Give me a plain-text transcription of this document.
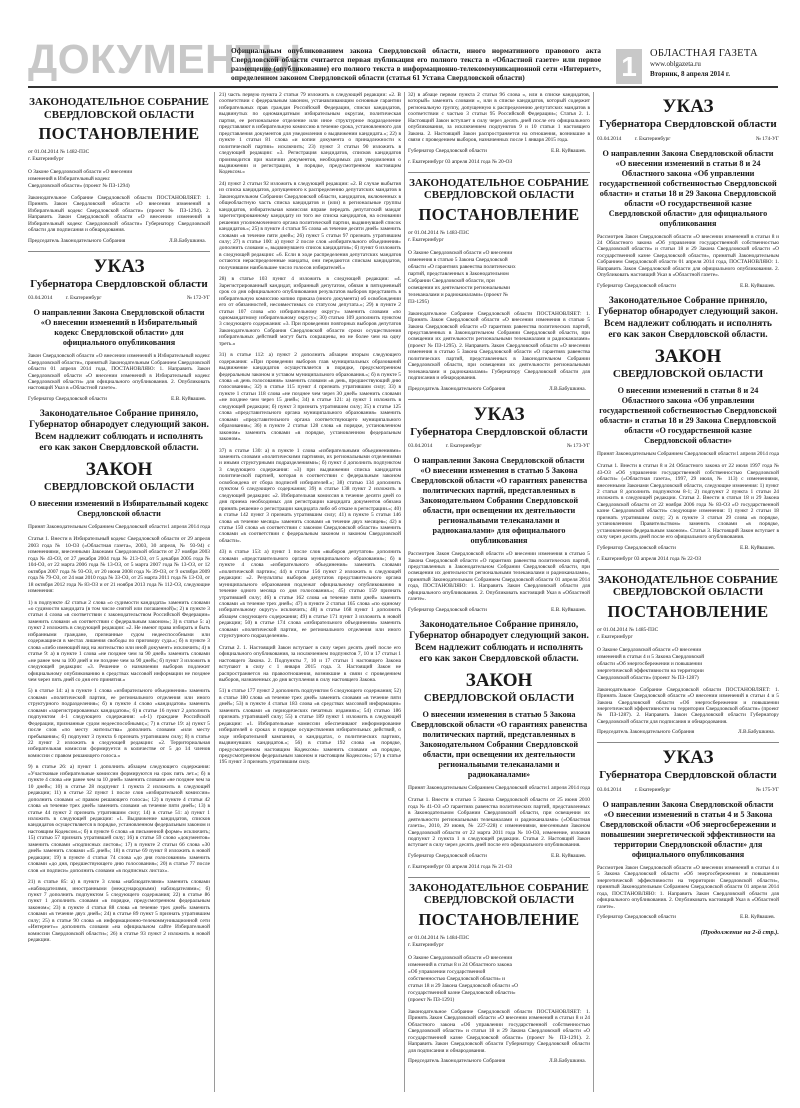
ДОКУМЕНТЫ
Официальным опубликованием закона Свердловской области, иного нормативного правового акта Свердловской области считается первая публикация его полного текста в «Областной газете» или первое размещение (опубликование) его полного текста в информационно-телекоммуникационной сети «Интернет», определенном законом Свердловской области (статья 61 Устава Свердловской области)	1	ОБЛАСТНАЯ ГАЗЕТА
www.oblgazeta.ru
Вторник, 8 апреля 2014 г.
ЗАКОНОДАТЕЛЬНОЕ СОБРАНИЕ СВЕРДЛОВСКОЙ ОБЛАСТИ
ПОСТАНОВЛЕНИЕ
от 01.04.2014 № 1482-ПЗС
г. Екатеринбург
О Законе Свердловской области «О внесении изменений в Избирательный кодекс Свердловской области» (проект № ПЗ-1294)
Законодательное Собрание Свердловской области ПОСТАНОВЛЯЕТ: 1. Принять Закон Свердловской области «О внесении изменений в Избирательный кодекс Свердловской области» (проект № ПЗ-1294). 2. Направить Закон Свердловской области «О внесении изменений в Избирательный кодекс Свердловской области» Губернатору Свердловской области для подписания и обнародования.
Председатель Законодательного Собрания	Л.В.Бабушкина.
УКАЗ
Губернатора Свердловской области
03.04.2014 г. Екатеринбург	№ 172-УГ
О направлении Закона Свердловской области «О внесении изменений в Избирательный кодекс Свердловской области» для официального опубликования
Закон Свердловской области «О внесении изменений в Избирательный кодекс Свердловской области», принятый Законодательным Собранием Свердловской области 01 апреля 2014 года, ПОСТАНОВЛЯЮ: 1. Направить Закон Свердловской области «О внесении изменений в Избирательный кодекс Свердловской области» для официального опубликования. 2. Опубликовать настоящий Указ в «Областной газете».
Губернатор Свердловской области	Е.В. Куйвашев.
Законодательное Собрание приняло, Губернатор обнародует следующий закон. Всем надлежит соблюдать и исполнять его как закон Свердловской области.
ЗАКОН
СВЕРДЛОВСКОЙ ОБЛАСТИ
О внесении изменений в Избирательный кодекс Свердловской области
Принят Законодательным Собранием Свердловской области 1 апреля 2014 года
Статья 1. Внести в Избирательный кодекс Свердловской области от 29 апреля 2003 года № 10-ОЗ («Областная газета», 2003, 30 апреля, № 93-94) с изменениями, внесенными Законами Свердловской области от 27 ноября 2003 года № 43-ОЗ, от 27 декабря 2004 года № 213-ОЗ, от 5 декабря 2005 года № 104-ОЗ, от 22 марта 2006 года № 13-ОЗ, от 5 марта 2007 года № 13-ОЗ, от 12 октября 2007 года № 93-ОЗ, от 20 июня 2008 года № 39-ОЗ, от 9 октября 2009 года № 79-ОЗ, от 24 мая 2010 года № 33-ОЗ, от 25 марта 2011 года № 13-ОЗ, от 18 октября 2012 года № 83-ОЗ и от 21 ноября 2013 года № 112-ОЗ, следующие изменения:
1) в подпункте 42 статьи 2 слова «о судимости кандидата» заменить словами «о судимости кандидата (в том числе снятой или погашенной)»; 2) в пункте 3 статьи 4 слова «в соответствии с законодательством Российской Федерации» заменить словами «в соответствии с федеральным законом»; 3) в статье 5: а) пункт 2 изложить в следующей редакции: «2. Не имеют права избирать и быть избранными граждане, признанные судом недееспособными или содержащиеся в местах лишения свободы по приговору суда.»; б) в пункте 3 слова «либо имеющий вид на жительство или иной документ» исключить; 4) в статье 9: а) в пункте 1 слова «не позднее чем за 90 дней» заменить словами «не ранее чем за 100 дней и не позднее чем за 90 дней»; б) пункт 3 изложить в следующей редакции: «3. Решение о назначении выборов подлежит официальному опубликованию в средствах массовой информации не позднее чем через пять дней со дня его принятия.»
5) в статье 14: а) в пункте 1 слова «избирательного объединения» заменить словами «политической партии, ее регионального отделения или иного структурного подразделения»; б) в пункте 4 слово «кандидатов» заменить словами «зарегистрированных кандидатов»; 6) в статье 16 пункт 2 дополнить подпунктом 4-1 следующего содержания: «4-1) граждане Российской Федерации, признанные судом недееспособными;»; 7) в статье 19: а) пункт 5 после слов «по месту жительства» дополнить словами «или месту пребывания»; б) подпункт 3 пункта 6 признать утратившим силу; 8) в статье 22 пункт 2 изложить в следующей редакции: «2. Территориальная избирательная комиссия формируется в количестве от 5 до 14 членов комиссии с правом решающего голоса.»
9) в статье 26: а) пункт 1 дополнить абзацем следующего содержания: «Участковые избирательные комиссии формируются на срок пять лет.»; б) в пункте 4 слова «не ранее чем за 10 дней» заменить словами «не позднее чем за 10 дней»; 10) в статье 28 подпункт 1 пункта 2 изложить в следующей редакции; 11) в статье 32 пункт 1 после слов «избирательной комиссии» дополнить словами «с правом решающего голоса»; 12) в пункте 4 статьи 42 слова «в течение трех дней» заменить словами «в течение пяти дней»; 13) в статье 44 пункт 2 признать утратившим силу; 14) в статье 51: а) пункт 1 изложить в следующей редакции: «1. Выдвижение кандидатов, списков кандидатов осуществляется в порядке, установленном федеральным законом и настоящим Кодексом.»; б) в пункте 6 слова «в письменной форме» исключить; 15) статью 57 признать утратившей силу; 16) в статье 59 слово «документов» заменить словами «подписных листов»; 17) в пункте 2 статьи 66 слова «30 дней» заменить словами «45 дней»; 18) в статье 69 пункт 8 изложить в новой редакции; 19) в пункте 4 статьи 74 слова «до дня голосования» заменить словами «до дня, предшествующего дню голосования»; 20) в статье 77 после слов «и подписи» дополнить словами «в подписных листах».
21) в статье 85: а) в пункте 3 слова «наблюдателями» заменить словами «наблюдателями, иностранными (международными) наблюдателями»; б) пункт 7 дополнить подпунктом 5 следующего содержания; 22) в статье 86 пункт 1 дополнить словами «в порядке, предусмотренном федеральным законом»; 23) в пункте 4 статьи 88 слова «в течение трех дней» заменить словами «в течение двух дней»; 24) в статье 89 пункт 5 признать утратившим силу; 25) в статье 90 слова «в информационно-телекоммуникационной сети «Интернет»» дополнить словами «на официальном сайте Избирательной комиссии Свердловской области»; 26) в статье 93 пункт 2 изложить в новой редакции.
21) часть первую пункта 2 статьи 79 изложить в следующей редакции: «2. В соответствии с федеральным законом, устанавливающим основные гарантии избирательных прав граждан Российской Федерации, списки кандидатов, выдвинутых по одномандатным избирательным округам, политическая партия, ее региональное отделение или иное структурное подразделение представляют в избирательную комиссию в течение срока, установленного для представления документов для уведомления о выдвижении кандидата.»; 22) в пункте 1 статьи 81 слова «и копии документа о принадлежности к политической партии» исключить; 23) пункт 3 статьи 90 изложить в следующей редакции: «3. Регистрация кандидатов, списков кандидатов производится при наличии документов, необходимых для уведомления о выдвижении и регистрации, в порядке, предусмотренном настоящим Кодексом.»
24) пункт 2 статьи 92 изложить в следующей редакции: «2. В случае выбытия из списка кандидатов, допущенного к распределению депутатских мандатов в Законодательном Собрании Свердловской области, кандидатов, включенных в общеобластную часть списка кандидатов и (или) в региональные группы кандидатов, избирательная комиссия вправе передать депутатский мандат зарегистрированному кандидату из того же списка кандидатов, на основании решения уполномоченного органа политической партии, выдвинувшей список кандидатов.»; 25) в пункте 4 статьи 95 слова «в течение десяти дней» заменить словами «в течение пяти дней»; 26) пункт 5 статьи 97 признать утратившим силу; 27) в статье 100: а) пункт 2 после слов «избирательного объединения» дополнить словами «, выдвинувшего список кандидатов»; б) пункт 6 изложить в следующей редакции: «6. Если в ходе распределения депутатских мандатов остаются нераспределенные мандаты, они передаются спискам кандидатов, получившим наибольшее число голосов избирателей.»
28) в статье 103 пункт 4 изложить в следующей редакции: «4. Зарегистрированный кандидат, избранный депутатом, обязан в пятидневный срок со дня официального опубликования результатов выборов представить в избирательную комиссию копию приказа (иного документа) об освобождении его от обязанностей, несовместимых со статусом депутата.»; 29) в пункте 2 статьи 107 слова «по избирательному округу» заменить словами «по одномандатному избирательному округу»; 30) статью 109 дополнить пунктом 3 следующего содержания: «3. При проведении повторных выборов депутатов Законодательного Собрания Свердловской области сроки осуществления избирательных действий могут быть сокращены, но не более чем на одну треть.»
31) в статье 112: а) пункт 2 дополнить абзацем вторым следующего содержания: «При проведении выборов глав муниципальных образований выдвижение кандидатов осуществляется в порядке, предусмотренном федеральным законом и уставом муниципального образования.»; б) в пункте 5 слова «в день голосования» заменить словами «в день, предшествующий дню голосования»; 32) в статье 115 пункт 4 признать утратившим силу; 33) в пункте 1 статьи 118 слова «не позднее чем через 30 дней» заменить словами «не позднее чем через 15 дней»; 34) в статье 121: а) пункт 1 изложить в следующей редакции; б) пункт 3 признать утратившим силу; 35) в статье 125 слова «представительного органа муниципального образования» заменить словами «представительного органа соответствующего муниципального образования»; 36) в пункте 2 статьи 128 слова «в порядке, установленном законом» заменить словами «в порядке, установленном федеральным законом».
37) в статье 130: а) в пункте 1 слова «избирательными объединениями» заменить словами «политическими партиями, их региональными отделениями и иными структурными подразделениями»; б) пункт 4 дополнить подпунктом 3 следующего содержания: «3) при выдвижении списка кандидатов политической партией, которая в соответствии с федеральным законом освобождена от сбора подписей избирателей.»; 38) статью 134 дополнить пунктом 6 следующего содержания; 39) в статье 138 пункт 2 изложить в следующей редакции: «2. Избирательная комиссия в течение десяти дней со дня приема необходимых для регистрации кандидата документов обязана принять решение о регистрации кандидата либо об отказе в регистрации.»; 40) в статье 142 пункт 3 признать утратившим силу; 41) в пункте 5 статьи 146 слова «в течение месяца» заменить словами «в течение двух месяцев»; 42) в статье 150 слова «в соответствии с законом Свердловской области» заменить словами «в соответствии с федеральным законом и законом Свердловской области».
43) в статье 153: а) пункт 1 после слов «выборов депутатов» дополнить словами «представительного органа муниципального образования»; б) в пункте 4 слова «избирательного объединения» заменить словами «политической партии»; 44) в статье 156 пункт 2 изложить в следующей редакции: «2. Результаты выборов депутатов представительного органа муниципального образования подлежат официальному опубликованию в течение одного месяца со дня голосования.»; 45) статью 159 признать утратившей силу; 46) в статье 162 слова «в течение пяти дней» заменить словами «в течение трех дней»; 47) в пункте 2 статьи 165 слова «по единому избирательному округу» исключить; 48) в статье 168 пункт 1 дополнить абзацем следующего содержания; 49) в статье 171 пункт 3 изложить в новой редакции; 50) в статье 174 слова «избирательного объединения» заменить словами «политической партии, ее регионального отделения или иного структурного подразделения».
Статья 2. 1. Настоящий Закон вступает в силу через десять дней после его официального опубликования, за исключением подпунктов 7, 10 и 17 статьи 1 настоящего Закона. 2. Подпункты 7, 10 и 17 статьи 1 настоящего Закона вступают в силу с 1 января 2015 года. 3. Настоящий Закон не распространяется на правоотношения, возникшие в связи с проведением выборов, назначенных до дня вступления в силу настоящего Закона.
51) в статье 177 пункт 2 дополнить подпунктом 6 следующего содержания; 52) в статье 180 слова «в течение трех дней» заменить словами «в течение пяти дней»; 53) в пункте 4 статьи 183 слова «в средствах массовой информации» заменить словами «в периодических печатных изданиях»; 54) статью 186 признать утратившей силу; 55) в статье 189 пункт 1 изложить в следующей редакции: «1. Избирательные комиссии обеспечивают информирование избирателей о сроках и порядке осуществления избирательных действий, о ходе избирательной кампании, о кандидатах, о политических партиях, выдвинувших кандидатов.»; 56) в статье 192 слова «в порядке, предусмотренном настоящим Кодексом» заменить словами «в порядке, предусмотренном федеральным законом и настоящим Кодексом»; 57) в статье 195 пункт 3 признать утратившим силу.
32) в абзаце первом пункта 2 статьи 96 слова «, или в списке кандидатов, который» заменить словами «, или в списке кандидатов, который содержит региональную группу, допущенную к распределению депутатских мандатов в соответствии с частью 3 статьи 95 Российской Федерации»; Статья 2. 1. Настоящий Закон вступает в силу через десять дней после его официального опубликования, за исключением подпунктов 9 и 10 статьи 1 настоящего Закона. 2. Настоящий Закон распространяется на отношения, возникшие в связи с проведением выборов, назначенных после 1 января 2015 года.
Губернатор Свердловской области	Е.В. Куйвашев.
г. Екатеринбург 03 апреля 2014 года № 20-ОЗ
ЗАКОНОДАТЕЛЬНОЕ СОБРАНИЕ СВЕРДЛОВСКОЙ ОБЛАСТИ
ПОСТАНОВЛЕНИЕ
от 01.04.2014 № 1483-ПЗС
г. Екатеринбург
О Законе Свердловской области «О внесении изменения в статью 5 Закона Свердловской области «О гарантиях равенства политических партий, представленных в Законодательном Собрании Свердловской области, при освещении их деятельности региональными телеканалами и радиоканалами» (проект № ПЗ-1295)
Законодательное Собрание Свердловской области ПОСТАНОВЛЯЕТ: 1. Принять Закон Свердловской области «О внесении изменения в статью 5 Закона Свердловской области «О гарантиях равенства политических партий, представленных в Законодательном Собрании Свердловской области, при освещении их деятельности региональными телеканалами и радиоканалами» (проект № ПЗ-1295). 2. Направить Закон Свердловской области «О внесении изменения в статью 5 Закона Свердловской области «О гарантиях равенства политических партий, представленных в Законодательном Собрании Свердловской области, при освещении их деятельности региональными телеканалами и радиоканалами» Губернатору Свердловской области для подписания и обнародования.
Председатель Законодательного Собрания	Л.В.Бабушкина.
УКАЗ
Губернатора Свердловской области
03.04.2014 г. Екатеринбург	№ 173-УГ
О направлении Закона Свердловской области «О внесении изменения в статью 5 Закона Свердловской области «О гарантиях равенства политических партий, представленных в Законодательном Собрании Свердловской области, при освещении их деятельности региональными телеканалами и радиоканалами» для официального опубликования
Рассмотрев Закон Свердловской области «О внесении изменения в статью 5 Закона Свердловской области «О гарантиях равенства политических партий, представленных в Законодательном Собрании Свердловской области, при освещении их деятельности региональными телеканалами и радиоканалами», принятый Законодательным Собранием Свердловской области 01 апреля 2014 года, ПОСТАНОВЛЯЮ: 1. Направить Закон Свердловской области для официального опубликования. 2. Опубликовать настоящий Указ в «Областной газете».
Губернатор Свердловской области	Е.В. Куйвашев.
Законодательное Собрание приняло, Губернатор обнародует следующий закон. Всем надлежит соблюдать и исполнять его как закон Свердловской области.
ЗАКОН
СВЕРДЛОВСКОЙ ОБЛАСТИ
О внесении изменения в статью 5 Закона Свердловской области «О гарантиях равенства политических партий, представленных в Законодательном Собрании Свердловской области, при освещении их деятельности региональными телеканалами и радиоканалами»
Принят Законодательным Собранием Свердловской области 1 апреля 2014 года
Статья 1. Внести в статью 5 Закона Свердловской области от 25 июня 2010 года № 41-ОЗ «О гарантиях равенства политических партий, представленных в Законодательном Собрании Свердловской области, при освещении их деятельности региональными телеканалами и радиоканалами» («Областная газета», 2010, 29 июня, № 227-228) с изменениями, внесенными Законом Свердловской области от 22 марта 2011 года № 10-ОЗ, изменение, изложив подпункт 2 пункта 1 в следующей редакции. Статья 2. Настоящий Закон вступает в силу через десять дней после его официального опубликования.
Губернатор Свердловской области	Е.В. Куйвашев.
г. Екатеринбург 03 апреля 2014 года № 21-ОЗ
ЗАКОНОДАТЕЛЬНОЕ СОБРАНИЕ СВЕРДЛОВСКОЙ ОБЛАСТИ
ПОСТАНОВЛЕНИЕ
от 01.04.2014 № 1484-ПЗС
г. Екатеринбург
О Законе Свердловской области «О внесении изменений в статьи 8 и 24 Областного закона «Об управлении государственной собственностью Свердловской области» и статьи 18 и 29 Закона Свердловской области «О государственной казне Свердловской области» (проект № ПЗ-1291)
Законодательное Собрание Свердловской области ПОСТАНОВЛЯЕТ: 1. Принять Закон Свердловской области «О внесении изменений в статьи 8 и 24 Областного закона «Об управлении государственной собственностью Свердловской области» и статьи 18 и 29 Закона Свердловской области «О государственной казне Свердловской области» (проект № ПЗ-1291). 2. Направить Закон Свердловской области Губернатору Свердловской области для подписания и обнародования.
Председатель Законодательного Собрания	Л.В.Бабушкина.
УКАЗ
Губернатора Свердловской области
03.04.2014 г. Екатеринбург	№ 174-УГ
О направлении Закона Свердловской области «О внесении изменений в статьи 8 и 24 Областного закона «Об управлении государственной собственностью Свердловской области» и статьи 18 и 29 Закона Свердловской области «О государственной казне Свердловской области» для официального опубликования
Рассмотрев Закон Свердловской области «О внесении изменений в статьи 8 и 24 Областного закона «Об управлении государственной собственностью Свердловской области» и статьи 18 и 29 Закона Свердловской области «О государственной казне Свердловской области», принятый Законодательным Собранием Свердловской области 01 апреля 2014 года, ПОСТАНОВЛЯЮ: 1. Направить Закон Свердловской области для официального опубликования. 2. Опубликовать настоящий Указ в «Областной газете».
Губернатор Свердловской области	Е.В. Куйвашев.
Законодательное Собрание приняло, Губернатор обнародует следующий закон. Всем надлежит соблюдать и исполнять его как закон Свердловской области.
ЗАКОН
СВЕРДЛОВСКОЙ ОБЛАСТИ
О внесении изменений в статьи 8 и 24 Областного закона «Об управлении государственной собственностью Свердловской области» и статьи 18 и 29 Закона Свердловской области «О государственной казне Свердловской области»
Принят Законодательным Собранием Свердловской области 1 апреля 2014 года
Статья 1. Внести в статьи 8 и 24 Областного закона от 22 июля 1997 года № 43-ОЗ «Об управлении государственной собственностью Свердловской области» («Областная газета», 1997, 29 июля, № 113) с изменениями, внесенными Законами Свердловской области, следующие изменения: 1) пункт 2 статьи 8 дополнить подпунктом 8-1; 2) подпункт 2 пункта 1 статьи 24 изложить в следующей редакции. Статья 2. Внести в статьи 18 и 29 Закона Свердловской области от 22 ноября 2006 года № 83-ОЗ «О государственной казне Свердловской области» следующие изменения: 1) пункт 2 статьи 18 признать утратившим силу; 2) в пункте 3 статьи 29 слова «в порядке, установленном Правительством» заменить словами «в порядке, установленном федеральным законом». Статья 3. Настоящий Закон вступает в силу через десять дней после его официального опубликования.
Губернатор Свердловской области	Е.В. Куйвашев.
г. Екатеринбург 03 апреля 2014 года № 22-ОЗ
ЗАКОНОДАТЕЛЬНОЕ СОБРАНИЕ СВЕРДЛОВСКОЙ ОБЛАСТИ
ПОСТАНОВЛЕНИЕ
от 01.04.2014 № 1485-ПЗС
г. Екатеринбург
О Законе Свердловской области «О внесении изменений в статьи 4 и 5 Закона Свердловской области «Об энергосбережении и повышении энергетической эффективности на территории Свердловской области» (проект № ПЗ-1287)
Законодательное Собрание Свердловской области ПОСТАНОВЛЯЕТ: 1. Принять Закон Свердловской области «О внесении изменений в статьи 4 и 5 Закона Свердловской области «Об энергосбережении и повышении энергетической эффективности на территории Свердловской области» (проект № ПЗ-1287). 2. Направить Закон Свердловской области Губернатору Свердловской области для подписания и обнародования.
Председатель Законодательного Собрания	Л.В.Бабушкина.
УКАЗ
Губернатора Свердловской области
03.04.2014 г. Екатеринбург	№ 175-УГ
О направлении Закона Свердловской области «О внесении изменений в статьи 4 и 5 Закона Свердловской области «Об энергосбережении и повышении энергетической эффективности на территории Свердловской области» для официального опубликования
Рассмотрев Закон Свердловской области «О внесении изменений в статьи 4 и 5 Закона Свердловской области «Об энергосбережении и повышении энергетической эффективности на территории Свердловской области», принятый Законодательным Собранием Свердловской области 01 апреля 2014 года, ПОСТАНОВЛЯЮ: 1. Направить Закон Свердловской области для официального опубликования. 2. Опубликовать настоящий Указ в «Областной газете».
Губернатор Свердловской области	Е.В. Куйвашев.
(Продолжение на 2-й стр.).
